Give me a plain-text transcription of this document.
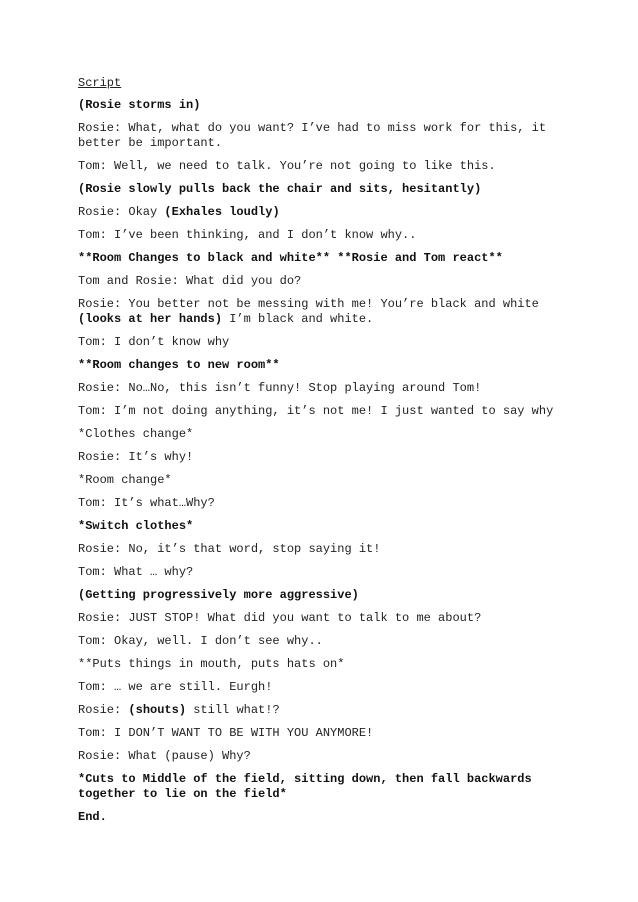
Script
(Rosie storms in)
Rosie: What, what do you want? I’ve had to miss work for this, it
better be important.
Tom: Well, we need to talk. You’re not going to like this.
(Rosie slowly pulls back the chair and sits, hesitantly)
Rosie: Okay (Exhales loudly)
Tom: I’ve been thinking, and I don’t know why..
**Room Changes to black and white** **Rosie and Tom react**
Tom and Rosie: What did you do?
Rosie: You better not be messing with me! You’re black and white
(looks at her hands) I’m black and white.
Tom: I don’t know why
**Room changes to new room**
Rosie: No…No, this isn’t funny! Stop playing around Tom!
Tom: I’m not doing anything, it’s not me! I just wanted to say why
*Clothes change*
Rosie: It’s why!
*Room change*
Tom: It’s what…Why?
*Switch clothes*
Rosie: No, it’s that word, stop saying it!
Tom: What … why?
(Getting progressively more aggressive)
Rosie: JUST STOP! What did you want to talk to me about?
Tom: Okay, well. I don’t see why..
**Puts things in mouth, puts hats on*
Tom: … we are still. Eurgh!
Rosie: (shouts) still what!?
Tom: I DON’T WANT TO BE WITH YOU ANYMORE!
Rosie: What (pause) Why?
*Cuts to Middle of the field, sitting down, then fall backwards
together to lie on the field*
End.
